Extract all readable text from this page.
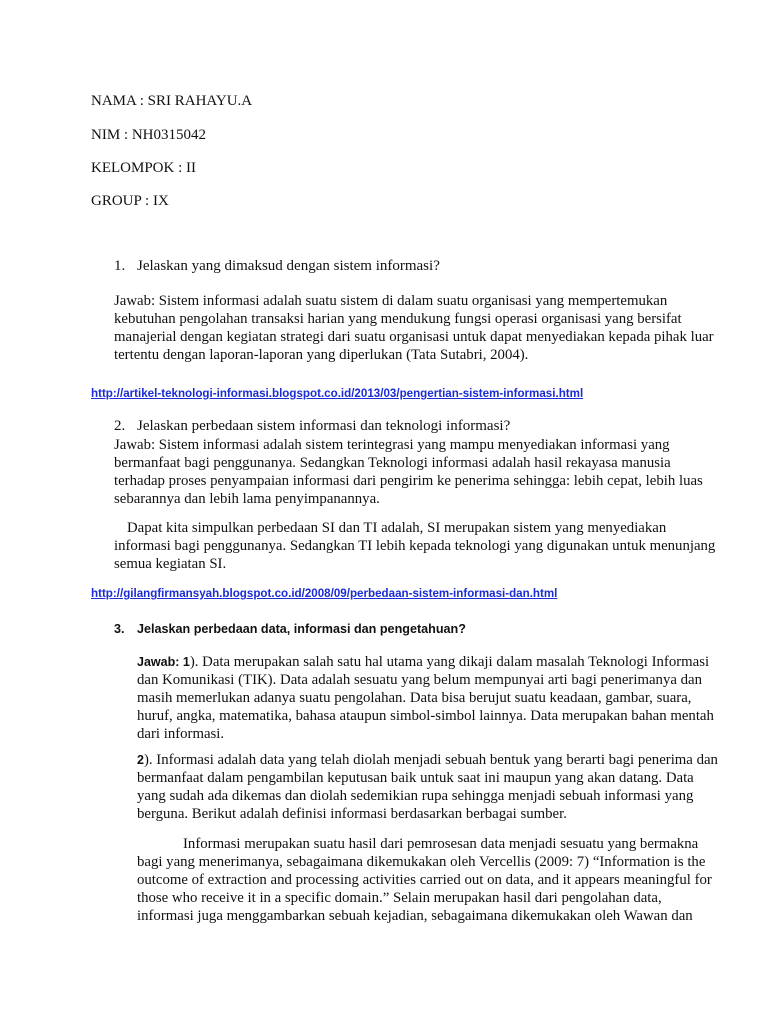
NAMA : SRI RAHAYU.A
NIM : NH0315042
KELOMPOK : II
GROUP : IX
1. Jelaskan yang dimaksud dengan sistem informasi?
Jawab: Sistem informasi adalah suatu sistem di dalam suatu organisasi yang mempertemukan
kebutuhan pengolahan transaksi harian yang mendukung fungsi operasi organisasi yang bersifat
manajerial dengan kegiatan strategi dari suatu organisasi untuk dapat menyediakan kepada pihak luar
tertentu dengan laporan-laporan yang diperlukan (Tata Sutabri, 2004).
http://artikel-teknologi-informasi.blogspot.co.id/2013/03/pengertian-sistem-informasi.html
2. Jelaskan perbedaan sistem informasi dan teknologi informasi?
Jawab: Sistem informasi adalah sistem terintegrasi yang mampu menyediakan informasi yang
bermanfaat bagi penggunanya. Sedangkan Teknologi informasi adalah hasil rekayasa manusia
terhadap proses penyampaian informasi dari pengirim ke penerima sehingga: lebih cepat, lebih luas
sebarannya dan lebih lama penyimpanannya.
Dapat kita simpulkan perbedaan SI dan TI adalah, SI merupakan sistem yang menyediakan
informasi bagi penggunanya. Sedangkan TI lebih kepada teknologi yang digunakan untuk menunjang
semua kegiatan SI.
http://gilangfirmansyah.blogspot.co.id/2008/09/perbedaan-sistem-informasi-dan.html
3. Jelaskan perbedaan data, informasi dan pengetahuan?
Jawab: 1). Data merupakan salah satu hal utama yang dikaji dalam masalah Teknologi Informasi
dan Komunikasi (TIK). Data adalah sesuatu yang belum mempunyai arti bagi penerimanya dan
masih memerlukan adanya suatu pengolahan. Data bisa berujut suatu keadaan, gambar, suara,
huruf, angka, matematika, bahasa ataupun simbol-simbol lainnya. Data merupakan bahan mentah
dari informasi.
2). Informasi adalah data yang telah diolah menjadi sebuah bentuk yang berarti bagi penerima dan
bermanfaat dalam pengambilan keputusan baik untuk saat ini maupun yang akan datang. Data
yang sudah ada dikemas dan diolah sedemikian rupa sehingga menjadi sebuah informasi yang
berguna. Berikut adalah definisi informasi berdasarkan berbagai sumber.
Informasi merupakan suatu hasil dari pemrosesan data menjadi sesuatu yang bermakna
bagi yang menerimanya, sebagaimana dikemukakan oleh Vercellis (2009: 7) “Information is the
outcome of extraction and processing activities carried out on data, and it appears meaningful for
those who receive it in a specific domain.” Selain merupakan hasil dari pengolahan data,
informasi juga menggambarkan sebuah kejadian, sebagaimana dikemukakan oleh Wawan dan
